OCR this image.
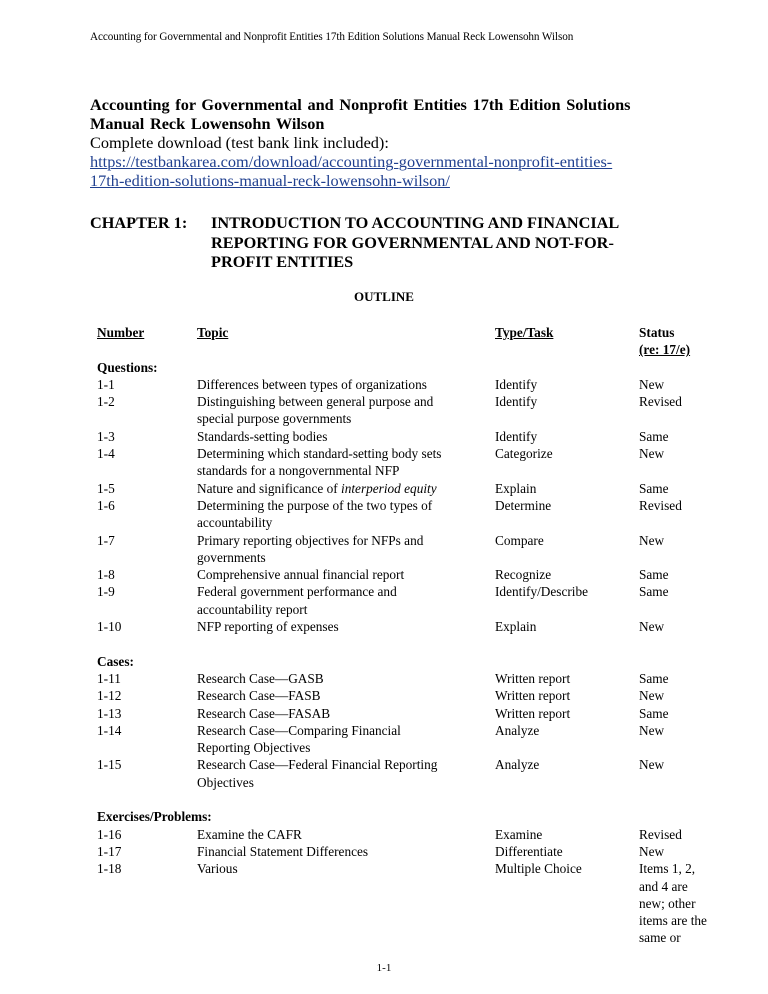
Accounting for Governmental and Nonprofit Entities 17th Edition Solutions Manual Reck Lowensohn Wilson
Accounting for Governmental and Nonprofit Entities 17th Edition Solutions Manual Reck Lowensohn Wilson
Complete download (test bank link included):
https://testbankarea.com/download/accounting-governmental-nonprofit-entities-
17th-edition-solutions-manual-reck-lowensohn-wilson/
CHAPTER 1:	INTRODUCTION TO ACCOUNTING AND FINANCIAL
REPORTING FOR GOVERNMENTAL AND NOT-FOR-
PROFIT ENTITIES
OUTLINE
Number	Topic	Type/Task	Status
(re: 17/e)
Questions:
1-1	Differences between types of organizations	Identify	New
1-2	Distinguishing between general purpose and
special purpose governments
Identify	Revised
1-3	Standards-setting bodies	Identify	Same
1-4	Determining which standard-setting body sets
standards for a nongovernmental NFP
Categorize	New
1-5	Nature and significance of interperiod equity	Explain	Same
1-6	Determining the purpose of the two types of
accountability
Determine	Revised
1-7	Primary reporting objectives for NFPs and
governments
Compare	New
1-8	Comprehensive annual financial report	Recognize	Same
1-9	Federal government performance and
accountability report
Identify/Describe	Same
1-10	NFP reporting of expenses	Explain	New
Cases:
1-11	Research Case—GASB	Written report	Same
1-12	Research Case—FASB	Written report	New
1-13	Research Case—FASAB	Written report	Same
1-14	Research Case—Comparing Financial
Reporting Objectives
Analyze	New
1-15	Research Case—Federal Financial Reporting
Objectives
Analyze	New
Exercises/Problems:
1-16	Examine the CAFR	Examine	Revised
1-17	Financial Statement Differences	Differentiate	New
1-18	Various	Multiple Choice	Items 1, 2,
and 4 are
new; other
items are the
same or
1-1
